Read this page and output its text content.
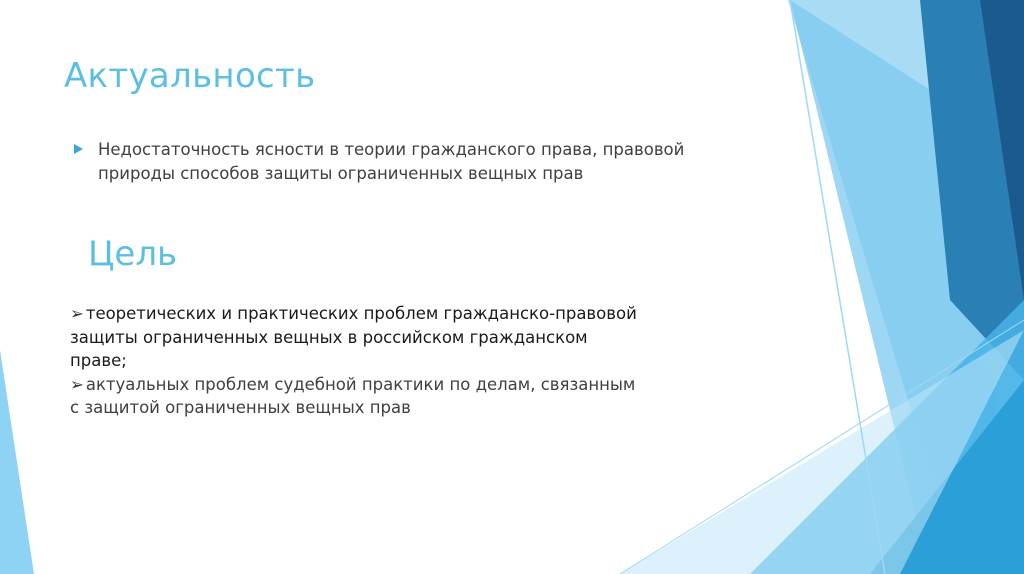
Актуальность

Недостаточность ясности в теории гражданского права, правовой природы способов защиты ограниченных вещных прав

Цель

➢ теоретических и практических проблем гражданско-правовой
защиты ограниченных вещных в российском гражданском праве;

➢ актуальных проблем судебной практики по делам, связанным
с защитой ограниченных вещных прав
